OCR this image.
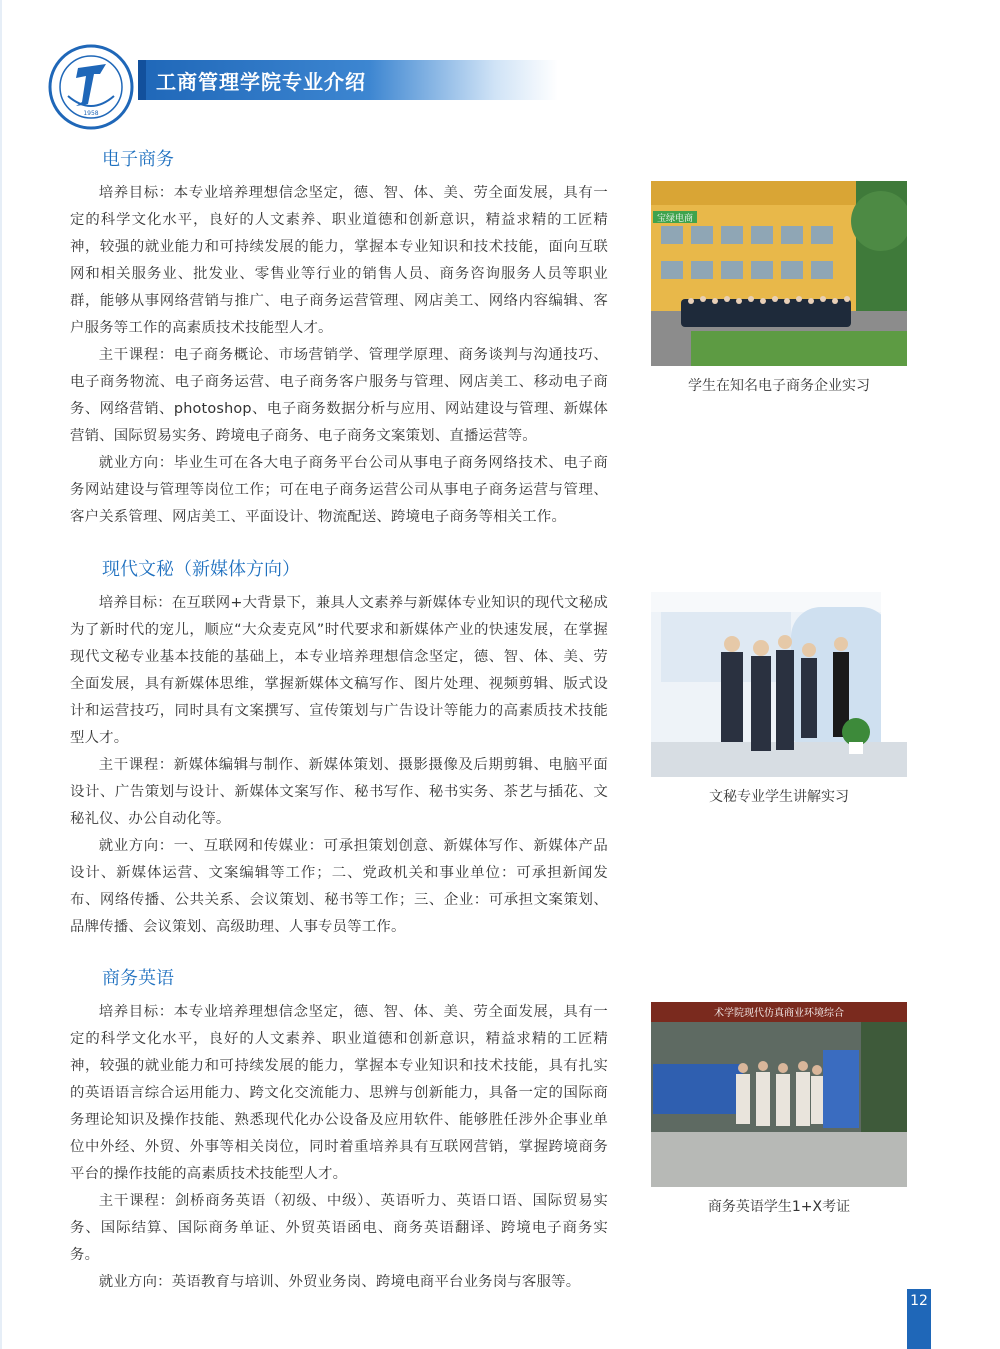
1958
工商管理学院专业介绍
电子商务

培养目标：本专业培养理想信念坚定，德、智、体、美、劳全面发展，具有一定的科学文化水平，良好的人文素养、职业道德和创新意识，精益求精的工匠精神，较强的就业能力和可持续发展的能力，掌握本专业知识和技术技能，面向互联网和相关服务业、批发业、零售业等行业的销售人员、商务咨询服务人员等职业群，能够从事网络营销与推广、电子商务运营管理、网店美工、网络内容编辑、客户服务等工作的高素质技术技能型人才。

主干课程：电子商务概论、市场营销学、管理学原理、商务谈判与沟通技巧、电子商务物流、电子商务运营、电子商务客户服务与管理、网店美工、移动电子商务、网络营销、photoshop、电子商务数据分析与应用、网站建设与管理、新媒体营销、国际贸易实务、跨境电子商务、电子商务文案策划、直播运营等。

就业方向：毕业生可在各大电子商务平台公司从事电子商务网络技术、电子商务网站建设与管理等岗位工作；可在电子商务运营公司从事电子商务运营与管理、客户关系管理、网店美工、平面设计、物流配送、跨境电子商务等相关工作。

宝绿电商
学生在知名电子商务企业实习
现代文秘（新媒体方向）

培养目标：在互联网+大背景下，兼具人文素养与新媒体专业知识的现代文秘成为了新时代的宠儿，顺应“大众麦克风”时代要求和新媒体产业的快速发展，在掌握现代文秘专业基本技能的基础上，本专业培养理想信念坚定，德、智、体、美、劳全面发展，具有新媒体思维，掌握新媒体文稿写作、图片处理、视频剪辑、版式设计和运营技巧，同时具有文案撰写、宣传策划与广告设计等能力的高素质技术技能型人才。

主干课程：新媒体编辑与制作、新媒体策划、摄影摄像及后期剪辑、电脑平面设计、广告策划与设计、新媒体文案写作、秘书写作、秘书实务、茶艺与插花、文秘礼仪、办公自动化等。

就业方向：一、互联网和传媒业：可承担策划创意、新媒体写作、新媒体产品设计、新媒体运营、文案编辑等工作；二、党政机关和事业单位：可承担新闻发布、网络传播、公共关系、会议策划、秘书等工作；三、企业：可承担文案策划、品牌传播、会议策划、高级助理、人事专员等工作。

文秘专业学生讲解实习
商务英语

培养目标：本专业培养理想信念坚定，德、智、体、美、劳全面发展，具有一定的科学文化水平，良好的人文素养、职业道德和创新意识，精益求精的工匠精神，较强的就业能力和可持续发展的能力，掌握本专业知识和技术技能，具有扎实的英语语言综合运用能力、跨文化交流能力、思辨与创新能力，具备一定的国际商务理论知识及操作技能、熟悉现代化办公设备及应用软件、能够胜任涉外企事业单位中外经、外贸、外事等相关岗位，同时着重培养具有互联网营销，掌握跨境商务平台的操作技能的高素质技术技能型人才。

主干课程：剑桥商务英语（初级、中级）、英语听力、英语口语、国际贸易实务、国际结算、国际商务单证、外贸英语函电、商务英语翻译、跨境电子商务实务。

就业方向：英语教育与培训、外贸业务岗、跨境电商平台业务岗与客服等。

术学院现代仿真商业环境综合
商务英语学生1+X考证
12
